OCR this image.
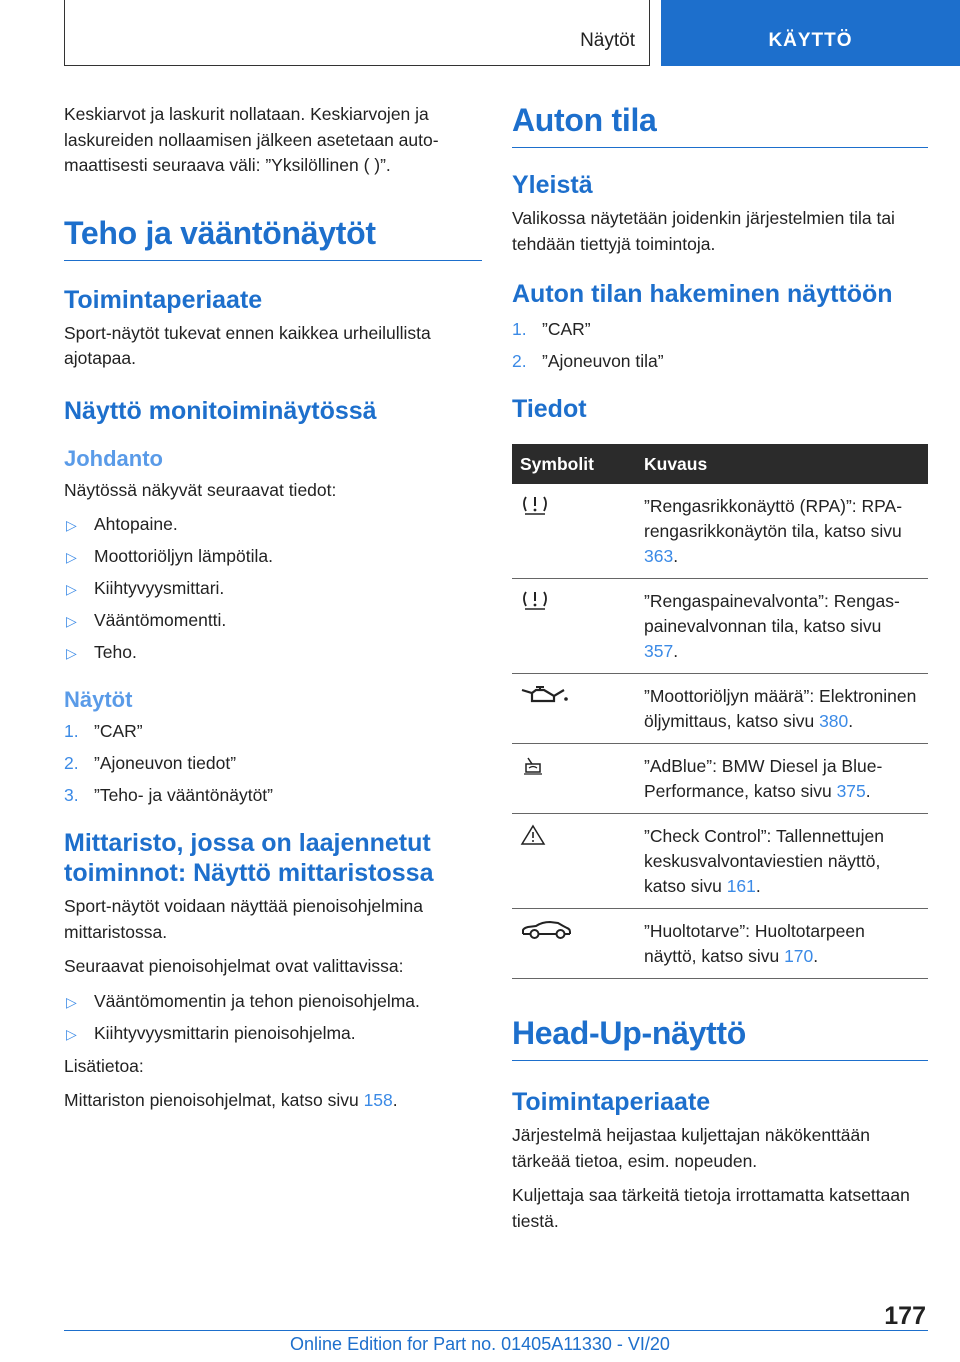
Näytöt	KÄYTTÖ

Keskiarvot ja laskurit nollataan. Keskiarvojen ja laskureiden nollaamisen jälkeen asetetaan automaattisesti seuraava väli: ”Yksilöllinen ( )”.

Teho ja vääntönäytöt
Toimintaperiaate

Sport-näytöt tukevat ennen kaikkea urheilullista ajotapaa.

Näyttö monitoiminäytössä
Johdanto

Näytössä näkyvät seuraavat tiedot:

▷ Ahtopaine.
▷ Moottoriöljyn lämpötila.
▷ Kiihtyvyysmittari.
▷ Vääntömomentti.
▷ Teho.
Näytöt
1. ”CAR”
2. ”Ajoneuvon tiedot”
3. ”Teho- ja vääntönäytöt”
Mittaristo, jossa on laajennetut toiminnot: Näyttö mittaristossa

Sport-näytöt voidaan näyttää pienoisohjelmina mittaristossa.

Seuraavat pienoisohjelmat ovat valittavissa:

▷ Vääntömomentin ja tehon pienoisohjelma.
▷ Kiihtyvyysmittarin pienoisohjelma.

Lisätietoa:

Mittariston pienoisohjelmat, katso sivu 158.

Auton tila
Yleistä

Valikossa näytetään joidenkin järjestelmien tila tai tehdään tiettyjä toimintoja.

Auton tilan hakeminen näyttöön
1. ”CAR”
2. ”Ajoneuvon tila”
Tiedot
Symbolit	Kuvaus
	”Rengasrikkonäyttö (RPA)”: RPA-rengasrikkonäytön tila, katso sivu 363.
	”Rengaspainevalvonta”: Rengaspainevalvonnan tila, katso sivu 357.
	”Moottoriöljyn määrä”: Elektroninen öljymittaus, katso sivu 380.
	”AdBlue”: BMW Diesel ja BluePerformance, katso sivu 375.
	”Check Control”: Tallennettujen keskusvalvontaviestien näyttö, katso sivu 161.
	”Huoltotarve”: Huoltotarpeen näyttö, katso sivu 170.
Head-Up-näyttö
Toimintaperiaate

Järjestelmä heijastaa kuljettajan näkökenttään tärkeää tietoa, esim. nopeuden.

Kuljettaja saa tärkeitä tietoja irrottamatta katsettaan tiestä.

177
Online Edition for Part no. 01405A11330 - VI/20
